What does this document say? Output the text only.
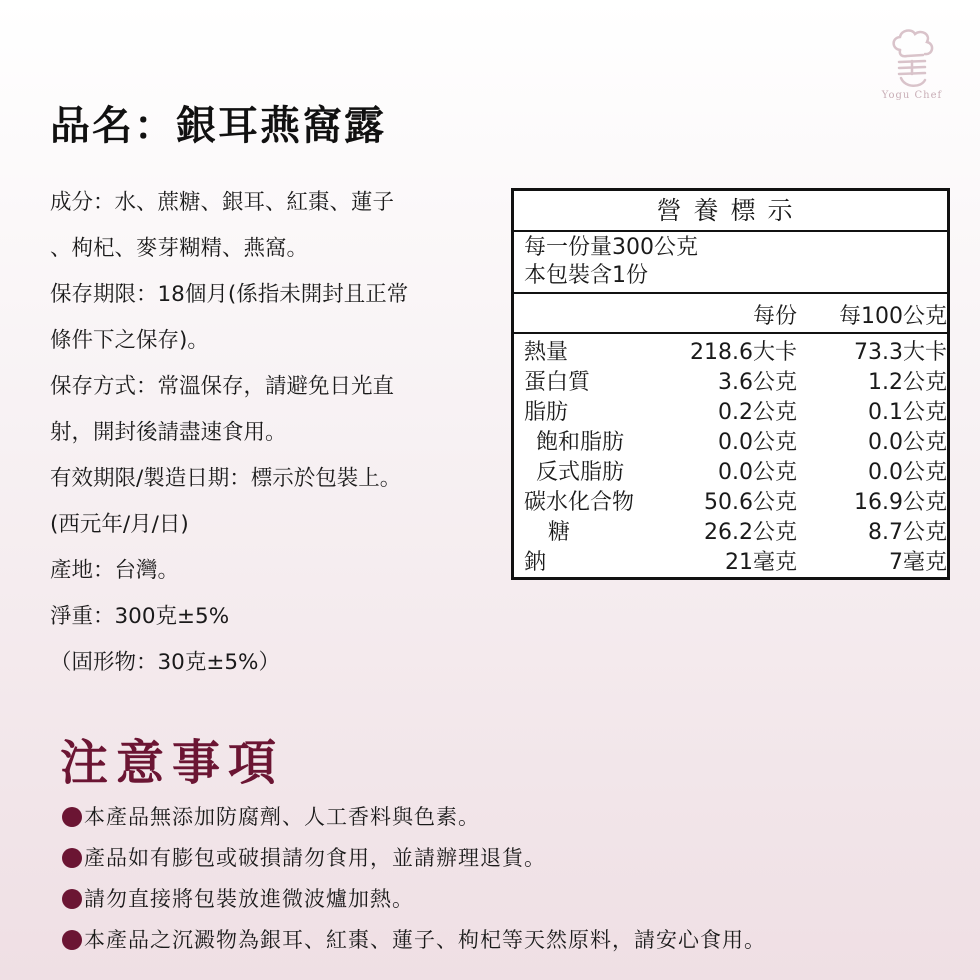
Yogu Chef
品名：銀耳燕窩露
成分：水、蔗糖、銀耳、紅棗、蓮子
、枸杞、麥芽糊精、燕窩。
保存期限：18個月(係指未開封且正常
條件下之保存)。
保存方式：常溫保存，請避免日光直
射，開封後請盡速食用。
有效期限/製造日期：標示於包裝上。
(西元年/月/日)
產地：台灣。
淨重：300克±5%
（固形物：30克±5%）
營養標示
每一份量300公克
本包裝含1份
每份 每100公克
熱量	218.6大卡	73.3大卡
蛋白質	3.6公克	1.2公克
脂肪	0.2公克	0.1公克
飽和脂肪	0.0公克	0.0公克
反式脂肪	0.0公克	0.0公克
碳水化合物	50.6公克	16.9公克
糖	26.2公克	8.7公克
鈉	21毫克	7毫克
注意事項
本產品無添加防腐劑、人工香料與色素。
產品如有膨包或破損請勿食用，並請辦理退貨。
請勿直接將包裝放進微波爐加熱。
本產品之沉澱物為銀耳、紅棗、蓮子、枸杞等天然原料，請安心食用。
